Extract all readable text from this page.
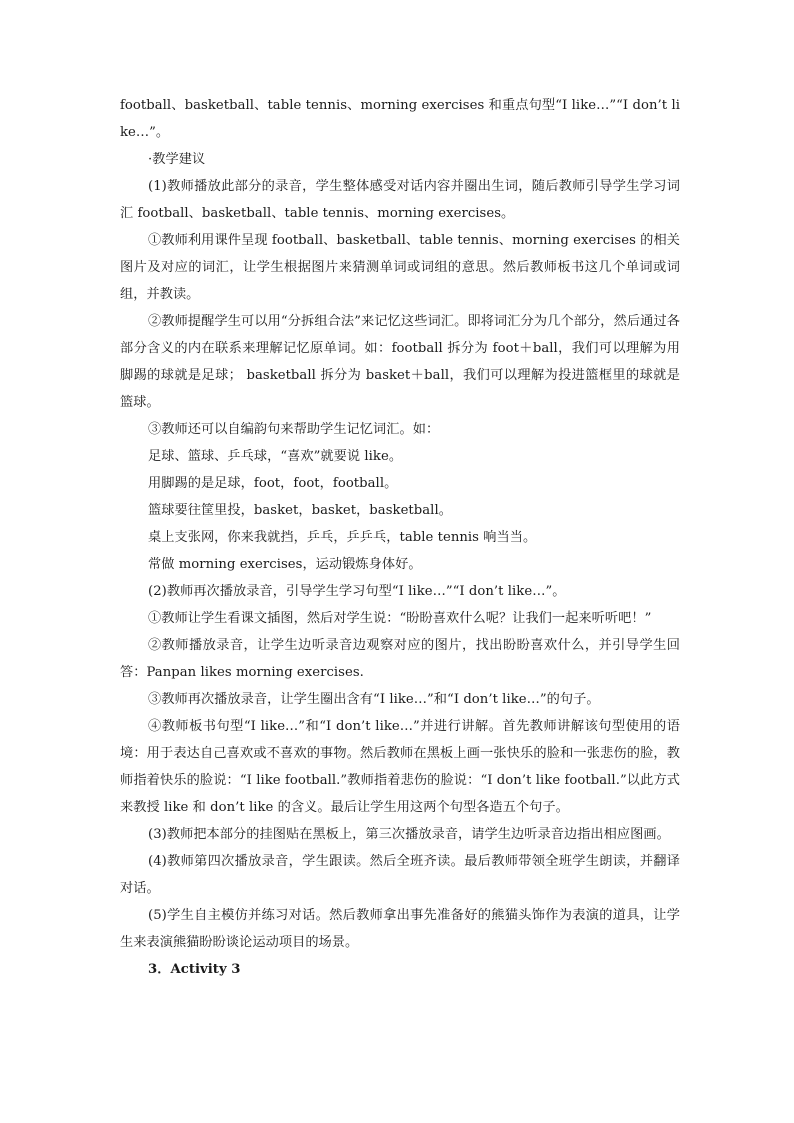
football、basketball、table tennis、morning exercises 和重点句型“I like…”“I don’t like…”。

·教学建议

(1)教师播放此部分的录音，学生整体感受对话内容并圈出生词，随后教师引导学生学习词汇 football、basketball、table tennis、morning exercises。

①教师利用课件呈现 football、basketball、table tennis、morning exercises 的相关图片及对应的词汇，让学生根据图片来猜测单词或词组的意思。然后教师板书这几个单词或词组，并教读。

②教师提醒学生可以用“分拆组合法”来记忆这些词汇。即将词汇分为几个部分，然后通过各部分含义的内在联系来理解记忆原单词。如：football 拆分为 foot＋ball，我们可以理解为用脚踢的球就是足球； basketball 拆分为 basket＋ball，我们可以理解为投进篮框里的球就是篮球。

③教师还可以自编韵句来帮助学生记忆词汇。如：

足球、篮球、乒乓球，“喜欢”就要说 like。

用脚踢的是足球，foot，foot，football。

篮球要往筐里投，basket，basket，basketball。

桌上支张网，你来我就挡，乒乓，乒乒乓，table tennis 响当当。

常做 morning exercises，运动锻炼身体好。

(2)教师再次播放录音，引导学生学习句型“I like…”“I don’t like…”。

①教师让学生看课文插图，然后对学生说：“盼盼喜欢什么呢？让我们一起来听听吧！”

②教师播放录音，让学生边听录音边观察对应的图片，找出盼盼喜欢什么，并引导学生回答：Panpan likes morning exercises.

③教师再次播放录音，让学生圈出含有“I like…”和“I don’t like…”的句子。

④教师板书句型“I like…”和“I don’t like…”并进行讲解。首先教师讲解该句型使用的语境：用于表达自己喜欢或不喜欢的事物。然后教师在黑板上画一张快乐的脸和一张悲伤的脸，教师指着快乐的脸说：“I like football.”教师指着悲伤的脸说：“I don’t like football.”以此方式来教授 like 和 don’t like 的含义。最后让学生用这两个句型各造五个句子。

(3)教师把本部分的挂图贴在黑板上，第三次播放录音，请学生边听录音边指出相应图画。

(4)教师第四次播放录音，学生跟读。然后全班齐读。最后教师带领全班学生朗读，并翻译对话。

(5)学生自主模仿并练习对话。然后教师拿出事先准备好的熊猫头饰作为表演的道具，让学生来表演熊猫盼盼谈论运动项目的场景。

3．Activity 3
